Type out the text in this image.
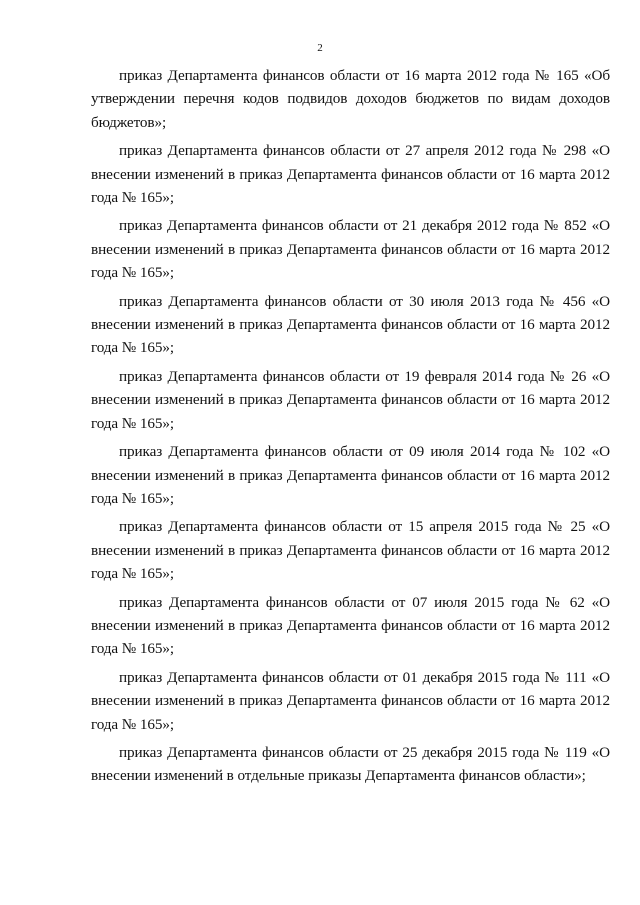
2

приказ Департамента финансов области от 16 марта 2012 года № 165 «Об утверждении перечня кодов подвидов доходов бюджетов по видам доходов бюджетов»;

приказ Департамента финансов области от 27 апреля 2012 года № 298 «О внесении изменений в приказ Департамента финансов области от 16 марта 2012 года № 165»;

приказ Департамента финансов области от 21 декабря 2012 года № 852 «О внесении изменений в приказ Департамента финансов области от 16 марта 2012 года № 165»;

приказ Департамента финансов области от 30 июля 2013 года № 456 «О внесении изменений в приказ Департамента финансов области от 16 марта 2012 года № 165»;

приказ Департамента финансов области от 19 февраля 2014 года № 26 «О внесении изменений в приказ Департамента финансов области от 16 марта 2012 года № 165»;

приказ Департамента финансов области от 09 июля 2014 года № 102 «О внесении изменений в приказ Департамента финансов области от 16 марта 2012 года № 165»;

приказ Департамента финансов области от 15 апреля 2015 года № 25 «О внесении изменений в приказ Департамента финансов области от 16 марта 2012 года № 165»;

приказ Департамента финансов области от 07 июля 2015 года № 62 «О внесении изменений в приказ Департамента финансов области от 16 марта 2012 года № 165»;

приказ Департамента финансов области от 01 декабря 2015 года № 111 «О внесении изменений в приказ Департамента финансов области от 16 марта 2012 года № 165»;

приказ Департамента финансов области от 25 декабря 2015 года № 119 «О внесении изменений в отдельные приказы Департамента финансов области»;
